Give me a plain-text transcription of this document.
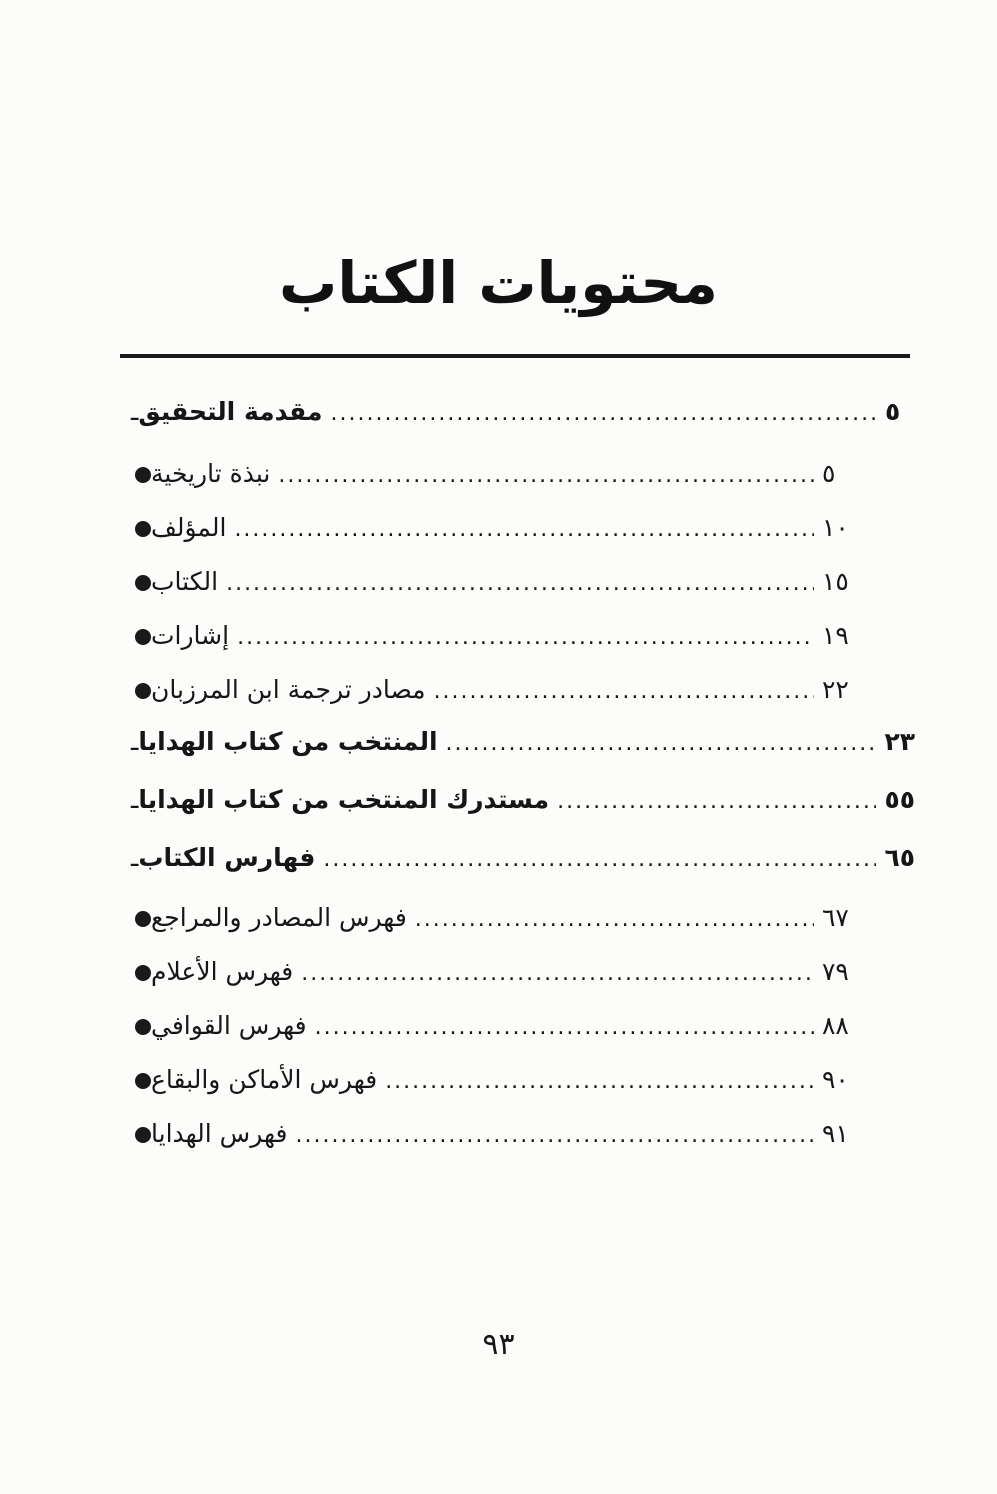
محتويات الكتاب
ـ مقدمة التحقيق .....	٥
نبذة تاريخية .....	٥
المؤلف .....	١٠
الكتاب .....	١٥
إشارات .....	١٩
مصادر ترجمة ابن المرزبان .....	٢٢
ـ المنتخب من كتاب الهدايا .....	٢٣
ـ مستدرك المنتخب من كتاب الهدايا .....	٥٥
ـ فهارس الكتاب .....	٦٥
فهرس المصادر والمراجع .....	٦٧
فهرس الأعلام .....	٧٩
فهرس القوافي .....	٨٨
فهرس الأماكن والبقاع .....	٩٠
فهرس الهدايا .....	٩١
٩٣
